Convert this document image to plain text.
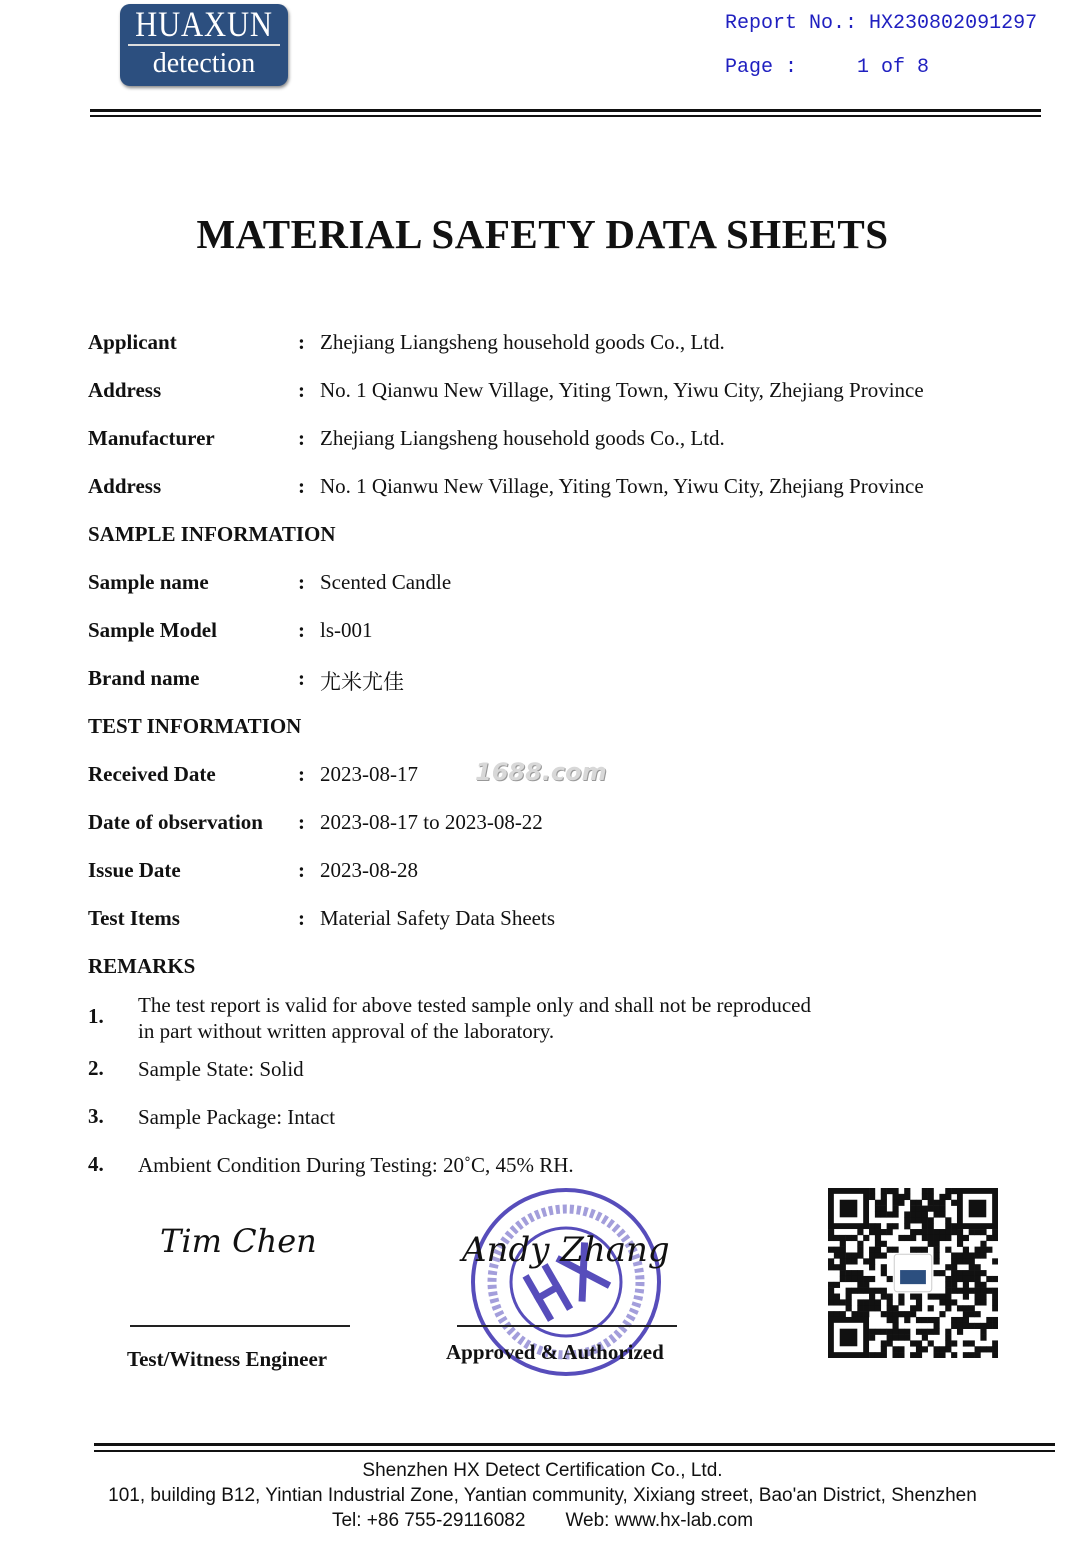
HUAXUN
detection
Report No.: HX230802091297
Page :	1 of 8
MATERIAL SAFETY DATA SHEETS
Applicant	: Zhejiang Liangsheng household goods Co., Ltd.
Address	: No. 1 Qianwu New Village, Yiting Town, Yiwu City, Zhejiang Province
Manufacturer	: Zhejiang Liangsheng household goods Co., Ltd.
Address	: No. 1 Qianwu New Village, Yiting Town, Yiwu City, Zhejiang Province
SAMPLE INFORMATION
Sample name	: Scented Candle
Sample Model	: ls-001
Brand name	: 尤米尤佳
TEST INFORMATION
Received Date	: 2023-08-17
Date of observation : 2023-08-17 to 2023-08-22
Issue Date	: 2023-08-28
Test Items	: Material Safety Data Sheets
REMARKS
1. The test report is valid for above tested sample only and shall not be reproduced
in part without written approval of the laboratory.
2. Sample State: Solid
3. Sample Package: Intact
4. Ambient Condition During Testing: 20˚C, 45% RH.
1688.com
Tim Chen
Test/Witness Engineer
Andy Zhang
Approved & Authorized
Shenzhen HX Detect Certification Co., Ltd.
101, building B12, Yintian Industrial Zone, Yantian community, Xixiang street, Bao'an District, Shenzhen
Tel: +86 755-29116082 Web: www.hx-lab.com
